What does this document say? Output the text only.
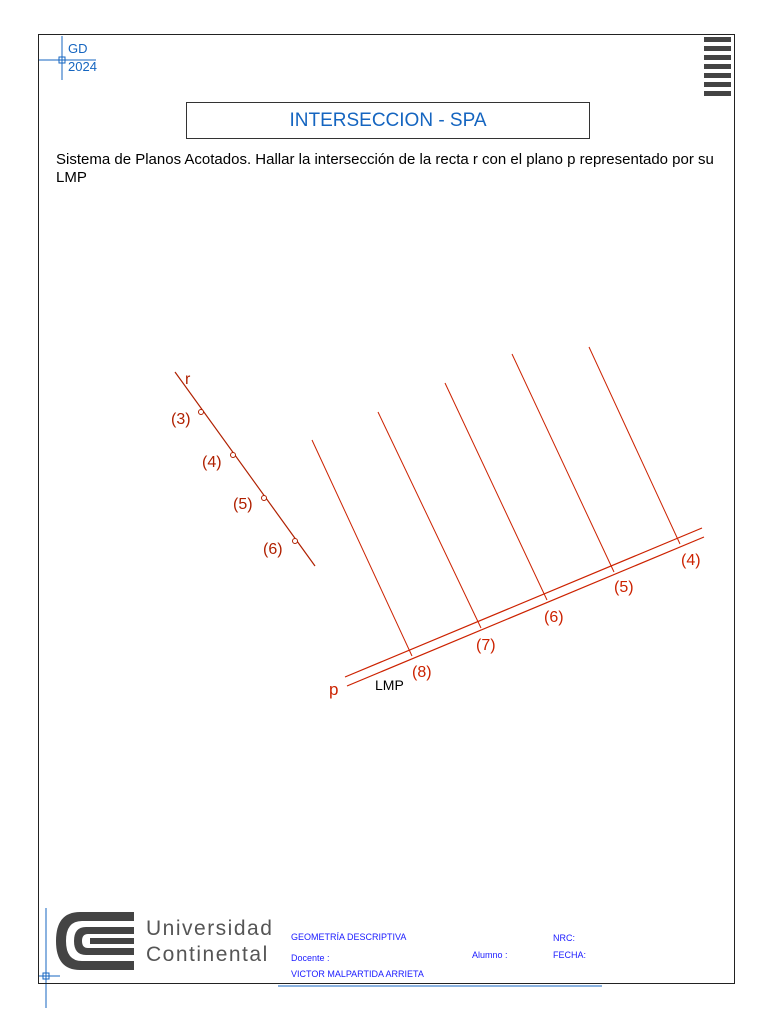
GD
2024
INTERSECCION - SPA
Sistema de Planos Acotados. Hallar la intersección de la recta r con el plano p representado por su LMP
r
(3)
(4)
(5)
(6)
(8)
(7)
(6)
(5)
(4)
p	LMP
Universidad
Continental
GEOMETRÍA DESCRIPTIVA
Docente :
VICTOR MALPARTIDA ARRIETA
Alumno :
NRC:
FECHA:
